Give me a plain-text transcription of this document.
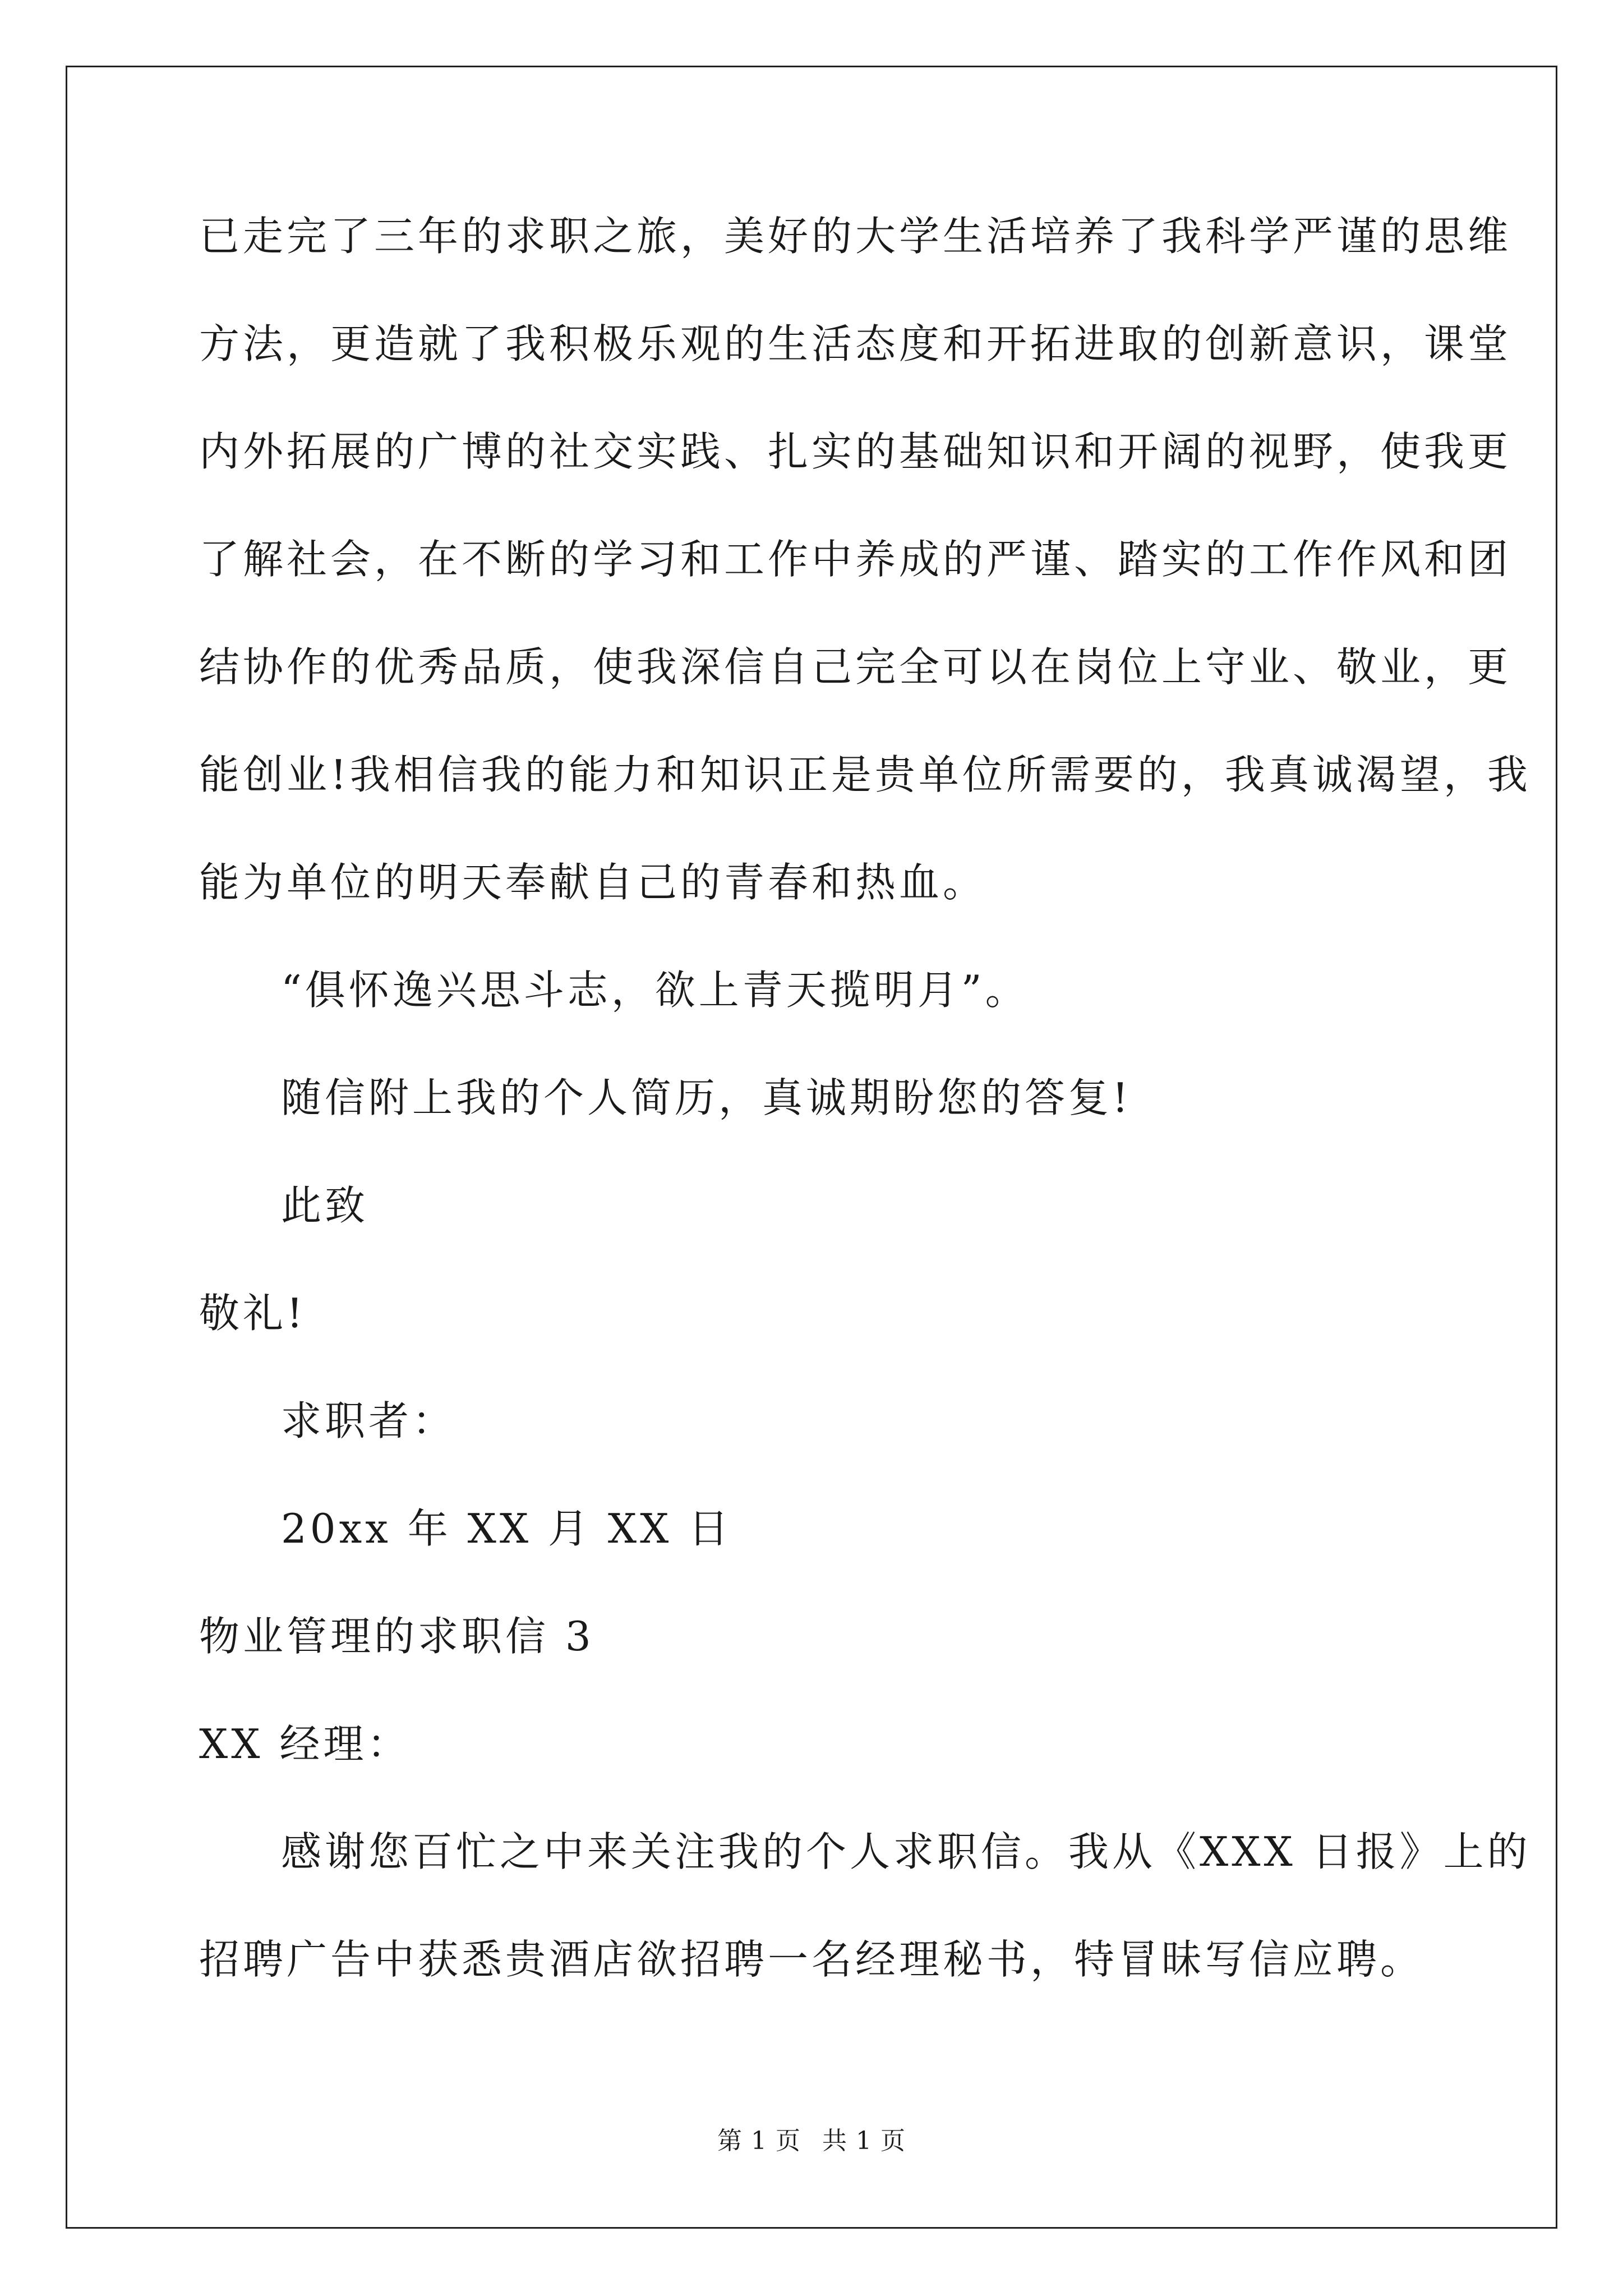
已走完了三年的求职之旅，美好的大学生活培养了我科学严谨的思维
方法，更造就了我积极乐观的生活态度和开拓进取的创新意识，课堂
内外拓展的广博的社交实践、扎实的基础知识和开阔的视野，使我更
了解社会，在不断的学习和工作中养成的严谨、踏实的工作作风和团
结协作的优秀品质，使我深信自己完全可以在岗位上守业、敬业，更
能创业!我相信我的能力和知识正是贵单位所需要的，我真诚渴望，我
能为单位的明天奉献自己的青春和热血。
“俱怀逸兴思斗志，欲上青天揽明月”。
随信附上我的个人简历，真诚期盼您的答复!
此致
敬礼!
求职者：
20xx 年 XX 月 XX 日
物业管理的求职信 3
XX 经理：
感谢您百忙之中来关注我的个人求职信。我从《XXX 日报》上的
招聘广告中获悉贵酒店欲招聘一名经理秘书，特冒昧写信应聘。
第 1 页 共 1 页
